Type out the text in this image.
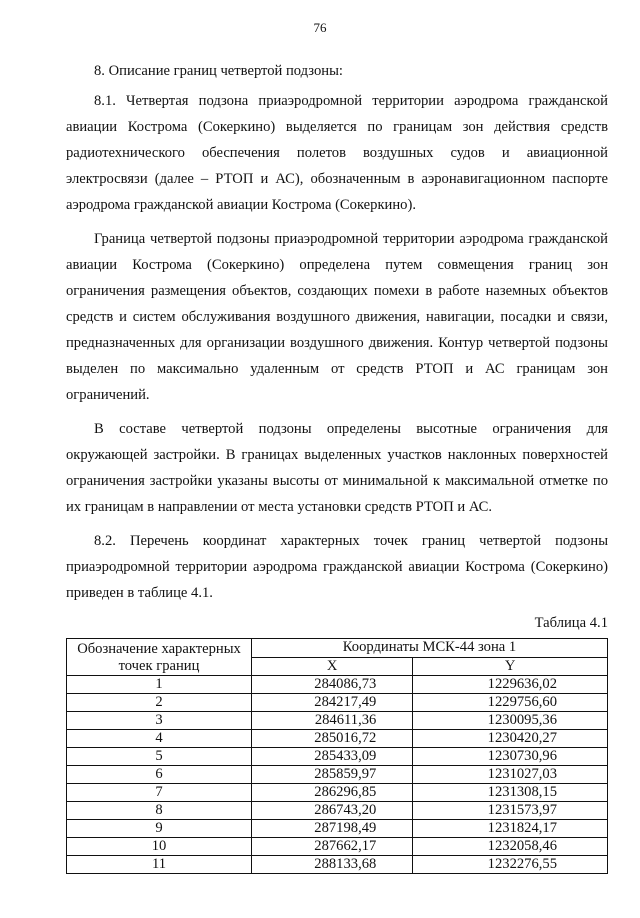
76

8. Описание границ четвертой подзоны:

8.1. Четвертая подзона приаэродромной территории аэродрома гражданской авиации Кострома (Сокеркино) выделяется по границам зон действия средств радиотехнического обеспечения полетов воздушных судов и авиационной электросвязи (далее – РТОП и АС), обозначенным в аэронавигационном паспорте аэродрома гражданской авиации Кострома (Сокеркино).

Граница четвертой подзоны приаэродромной территории аэродрома гражданской авиации Кострома (Сокеркино) определена путем совмещения границ зон ограничения размещения объектов, создающих помехи в работе наземных объектов средств и систем обслуживания воздушного движения, навигации, посадки и связи, предназначенных для организации воздушного движения. Контур четвертой подзоны выделен по максимально удаленным от средств РТОП и АС границам зон ограничений.

В составе четвертой подзоны определены высотные ограничения для окружающей застройки. В границах выделенных участков наклонных поверхностей ограничения застройки указаны высоты от минимальной к максимальной отметке по их границам в направлении от места установки средств РТОП и АС.

8.2. Перечень координат характерных точек границ четвертой подзоны приаэродромной территории аэродрома гражданской авиации Кострома (Сокеркино) приведен в таблице 4.1.

Таблица 4.1
Обозначение характерных точек границ	Координаты МСК-44 зона 1	
	X	Y
1	284086,73	1229636,02
2	284217,49	1229756,60
3	284611,36	1230095,36
4	285016,72	1230420,27
5	285433,09	1230730,96
6	285859,97	1231027,03
7	286296,85	1231308,15
8	286743,20	1231573,97
9	287198,49	1231824,17
10	287662,17	1232058,46
11	288133,68	1232276,55
